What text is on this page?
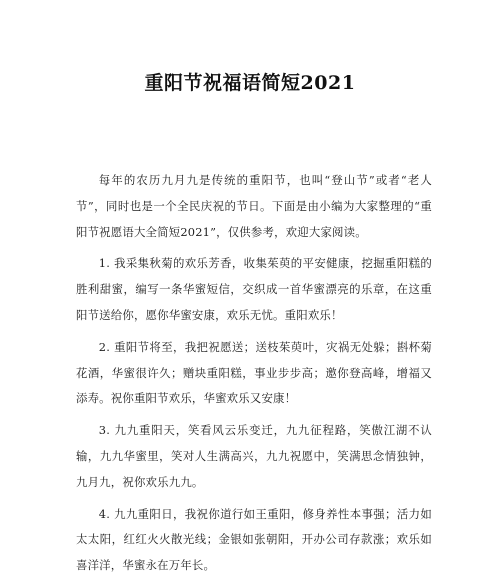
重阳节祝福语简短2021

每年的农历九月九是传统的重阳节，也叫“登山节”或者“老人节”，同时也是一个全民庆祝的节日。下面是由小编为大家整理的“重阳节祝愿语大全简短2021”，仅供参考，欢迎大家阅读。

1. 我采集秋菊的欢乐芳香，收集茱萸的平安健康，挖掘重阳糕的胜利甜蜜，编写一条华蜜短信，交织成一首华蜜漂亮的乐章，在这重阳节送给你，愿你华蜜安康，欢乐无忧。重阳欢乐！

2. 重阳节将至，我把祝愿送；送枝茱萸叶，灾祸无处躲；斟杯菊花酒，华蜜很许久；赠块重阳糕，事业步步高；邀你登高峰，增福又添寿。祝你重阳节欢乐，华蜜欢乐又安康！

3. 九九重阳天，笑看风云乐变迁，九九征程路，笑傲江湖不认输，九九华蜜里，笑对人生满高兴，九九祝愿中，笑满思念情独钟，九月九，祝你欢乐九九。

4. 九九重阳日，我祝你道行如王重阳，修身养性本事强；活力如太太阳，红红火火散光线；金银如张朝阳，开办公司存款涨；欢乐如喜洋洋，华蜜永在万年长。
